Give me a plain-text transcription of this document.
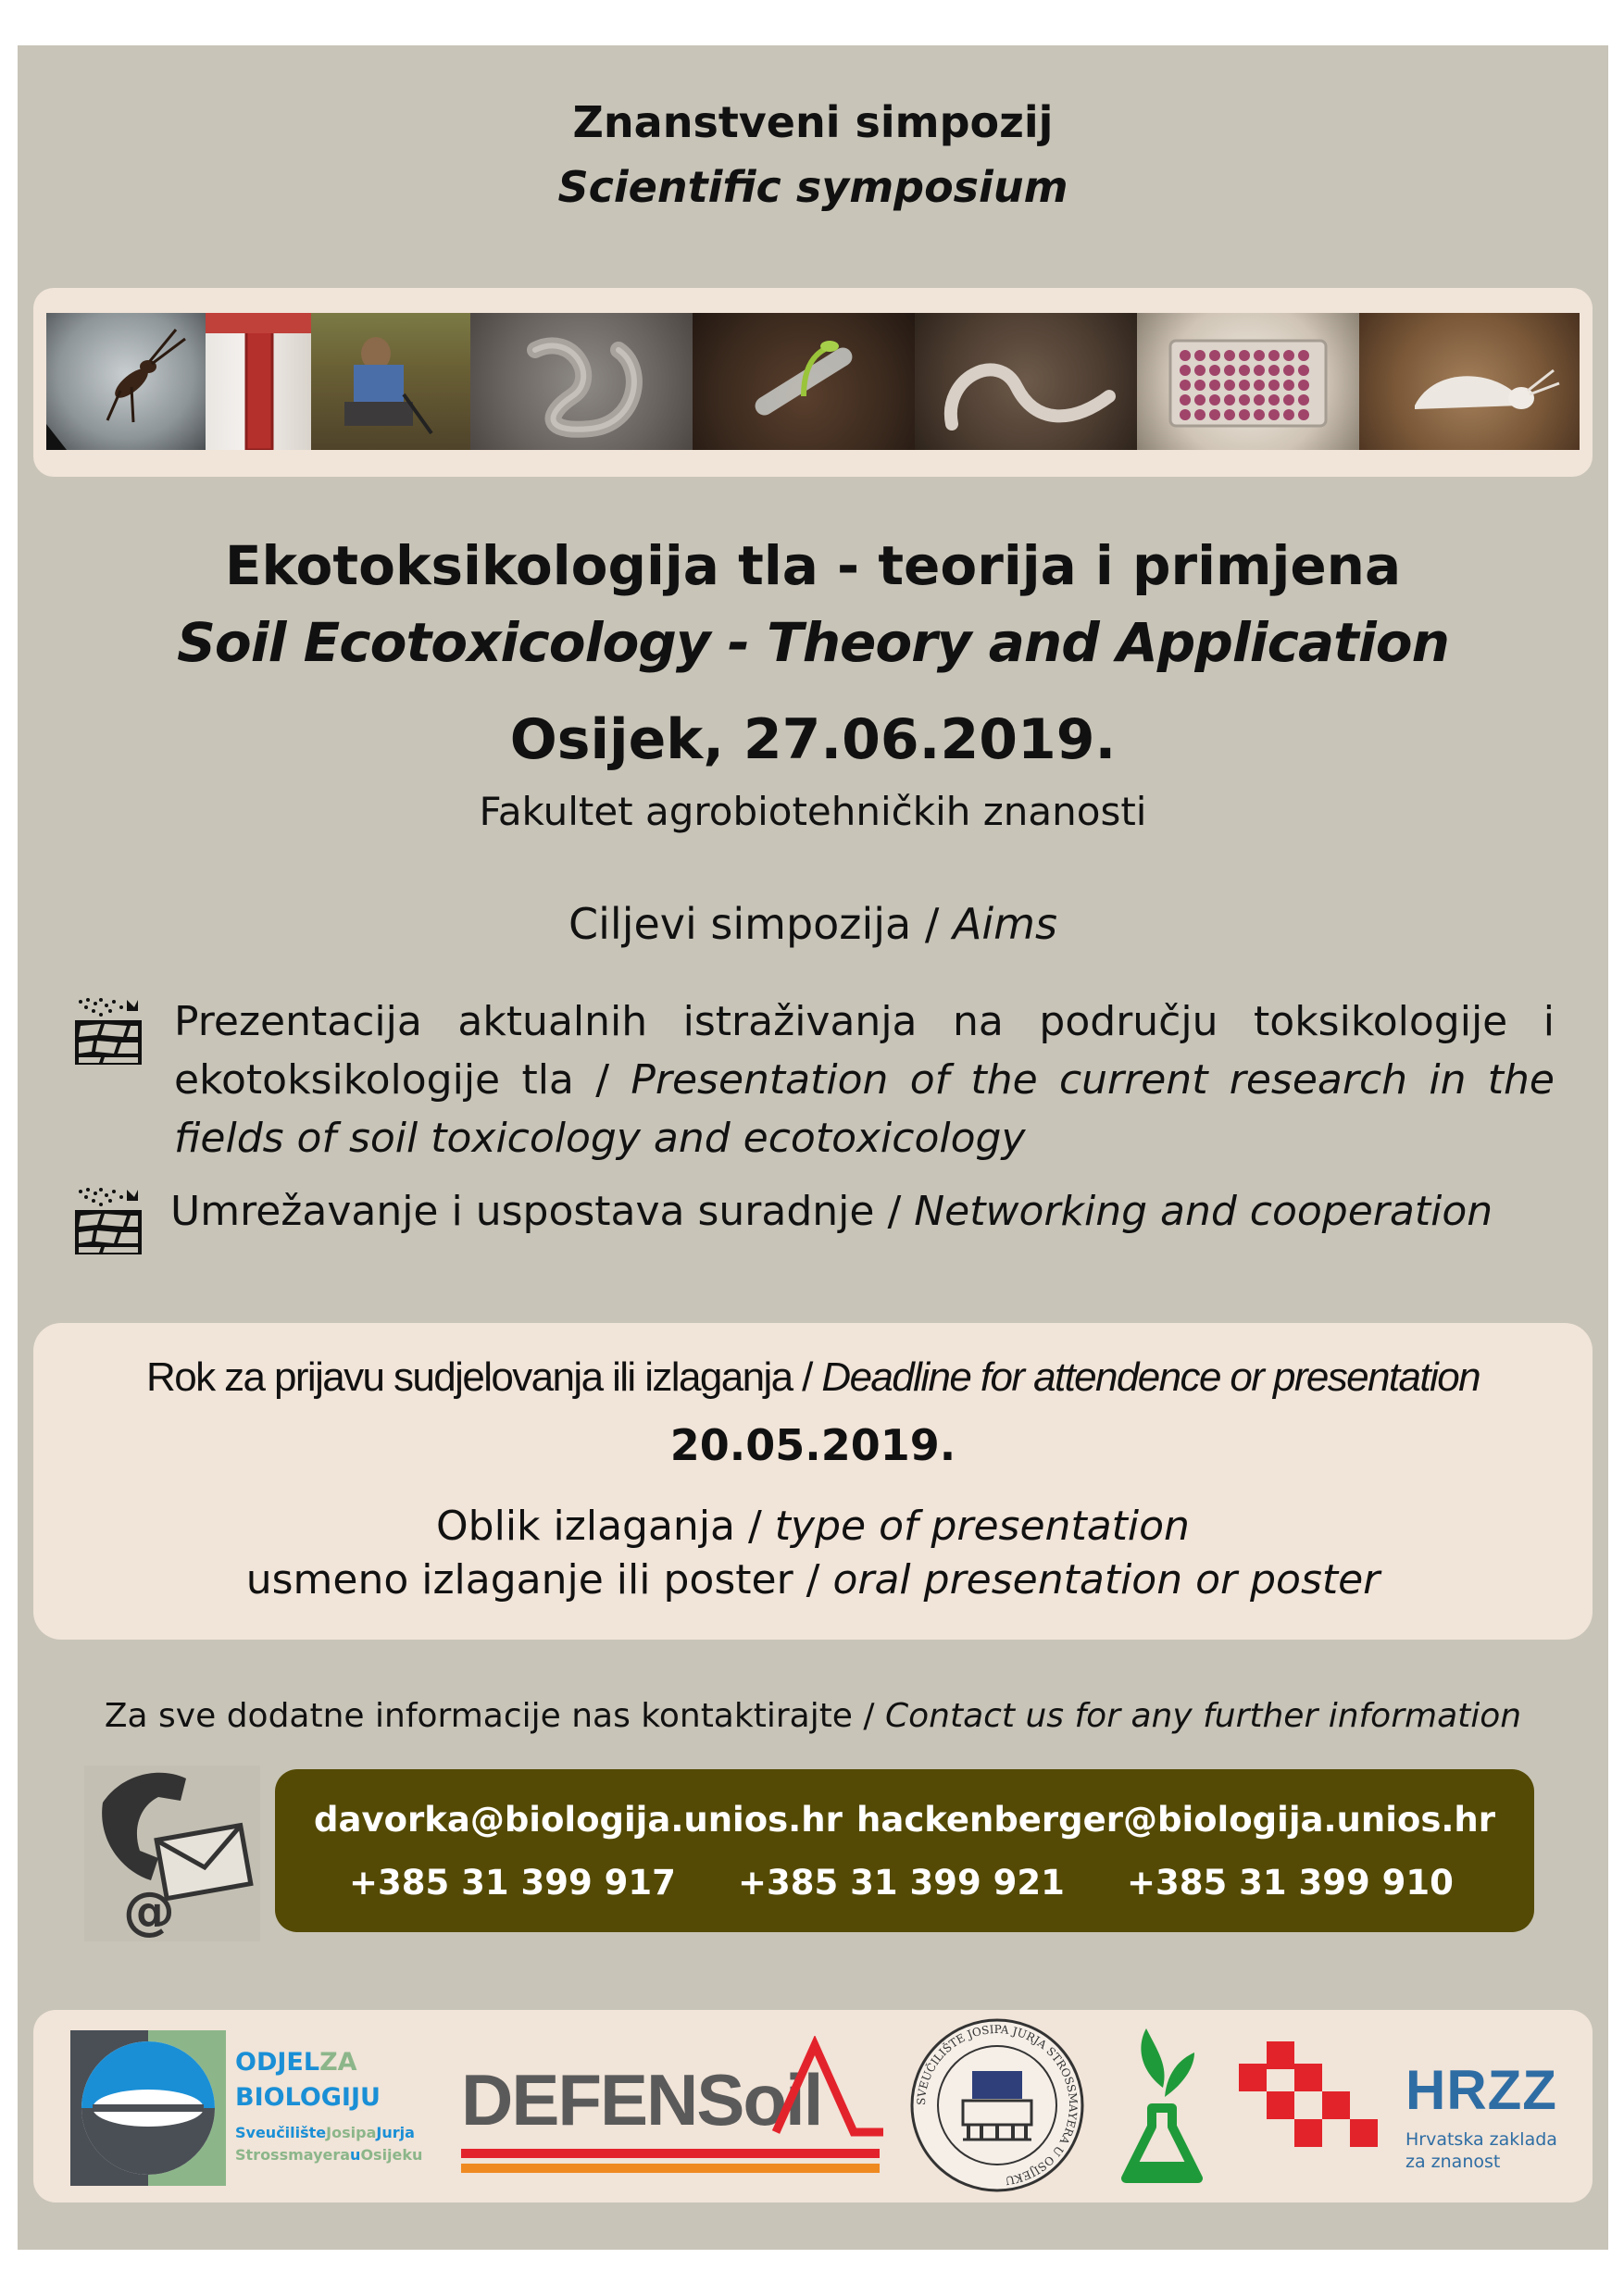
Znanstveni simpozij
Scientific symposium
Ekotoksikologija tla - teorija i primjena
Soil Ecotoxicology - Theory and Application
Osijek, 27.06.2019.
Fakultet agrobiotehničkih znanosti
Ciljevi simpozija / Aims
Prezentacija aktualnih istraživanja na području toksikologije i ekotoksikologije tla / Presentation of the current research in the fields of soil toxicology and ecotoxicology
Umrežavanje i uspostava suradnje / Networking and cooperation
Rok za prijavu sudjelovanja ili izlaganja / Deadline for attendence or presentation
20.05.2019.
Oblik izlaganja / type of presentation
usmeno izlaganje ili poster / oral presentation or poster
Za sve dodatne informacije nas kontaktirajte / Contact us for any further information
@
davorka@biologija.unios.hr hackenberger@biologija.unios.hr
+385 31 399 917 +385 31 399 921 +385 31 399 910
ODJELZA
BIOLOGIJU
SveučilišteJosipaJurja
StrossmayerauOsijeku
DEFENSoil	SVEUČILIŠTE JOSIPA JURJA STROSSMAYERA U OSIJEKU
HRZZ
Hrvatska zaklada
za znanost
